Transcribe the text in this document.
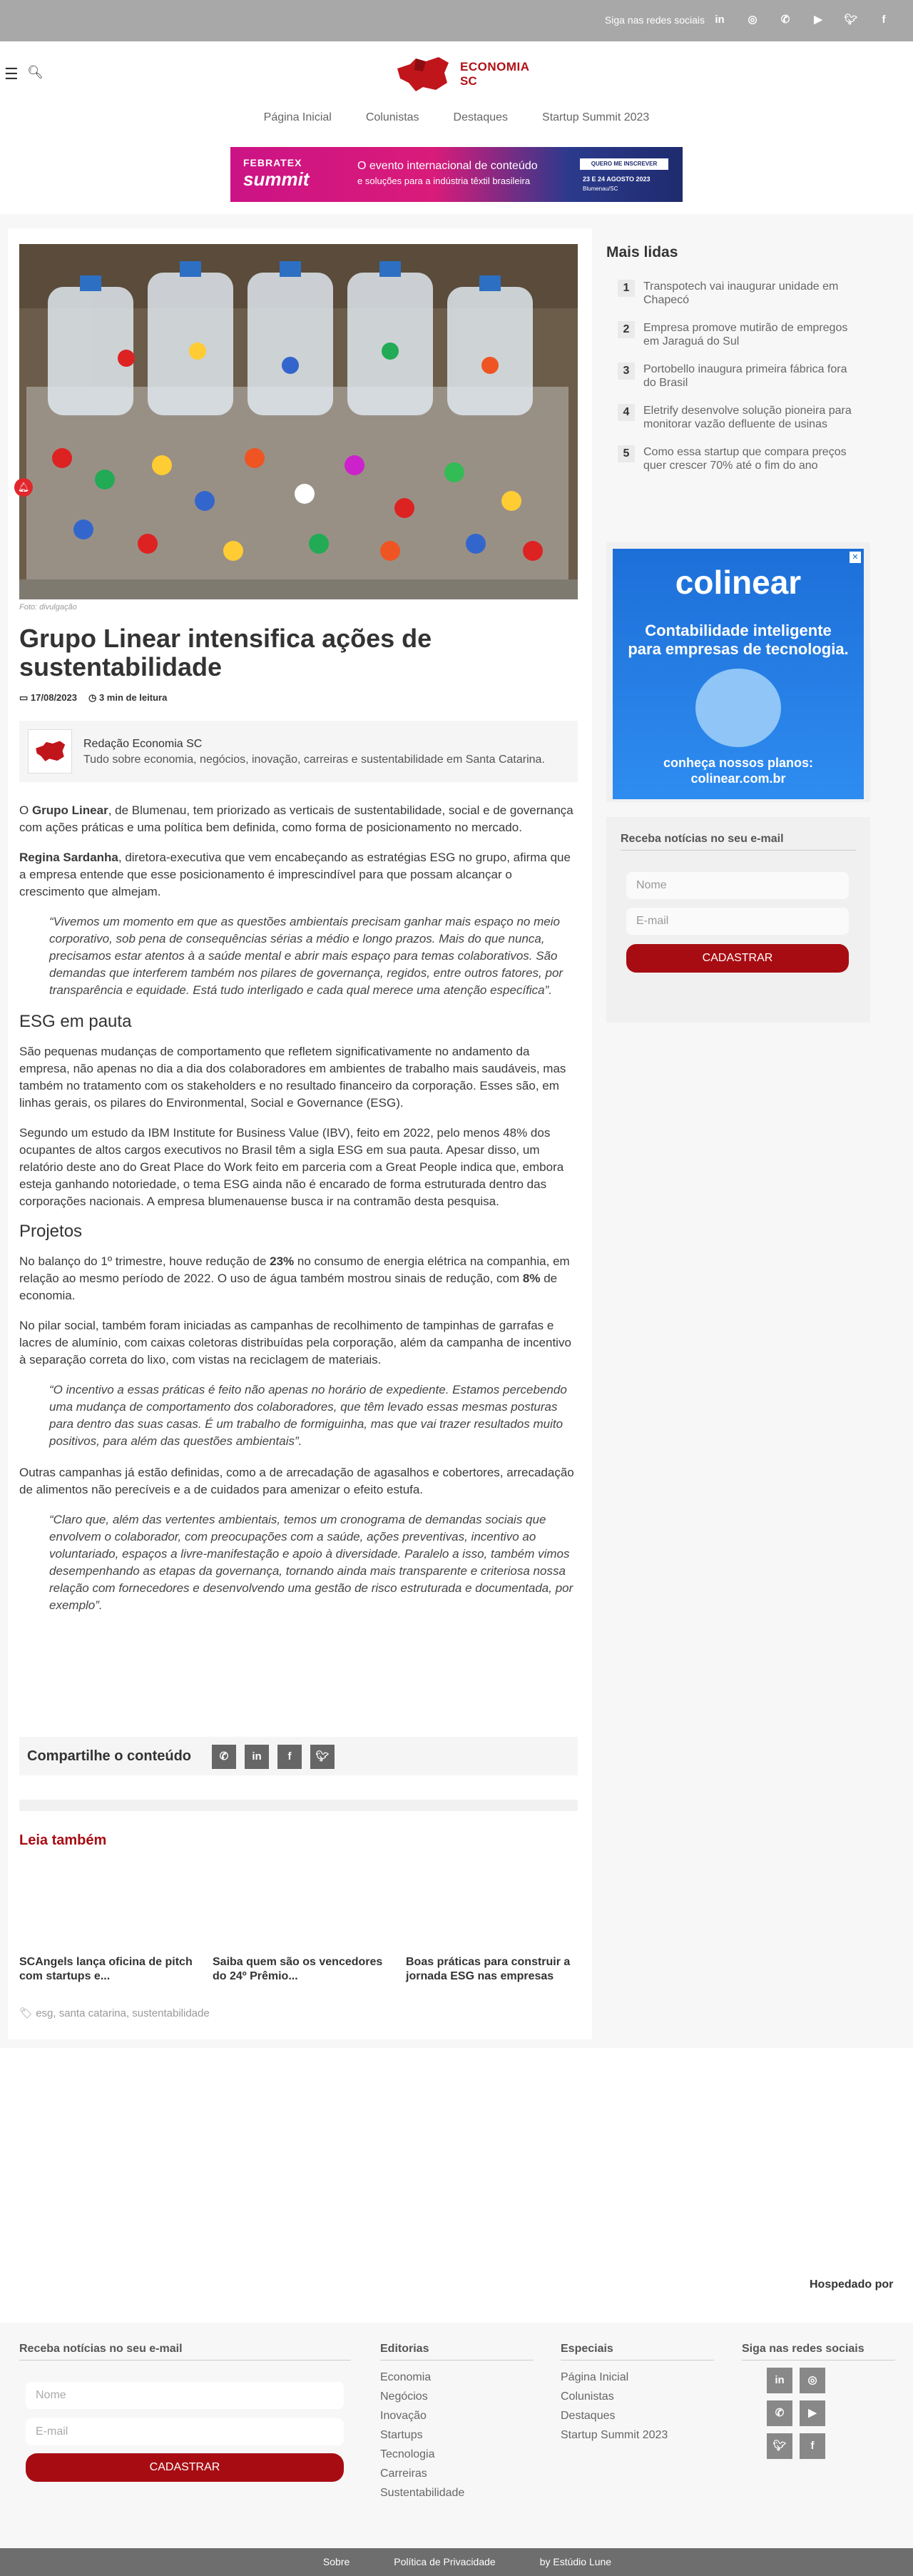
Siga nas redes sociais in ◎	✆	▶	🐦︎	f
☰ 🔍︎	ECONOMIA
SC
Página Inicial	Colunistas	Destaques	Startup Summit 2023
FEBRATEX
summit
O evento internacional de conteúdo
e soluções para a indústria têxtil brasileira
QUERO ME INSCREVER
23 E 24 AGOSTO 2023
Blumenau/SC
Foto: divulgação
🔔︎
Grupo Linear intensifica ações de sustentabilidade
▭ 17/08/2023 ◷ 3 min de leitura
Redação Economia SC
Tudo sobre economia, negócios, inovação, carreiras e sustentabilidade em Santa Catarina.

O Grupo Linear, de Blumenau, tem priorizado as verticais de sustentabilidade, social e de governança com ações práticas e uma política bem definida, como forma de posicionamento no mercado.

Regina Sardanha, diretora-executiva que vem encabeçando as estratégias ESG no grupo, afirma que a empresa entende que esse posicionamento é imprescindível para que possam alcançar o crescimento que almejam.

“Vivemos um momento em que as questões ambientais precisam ganhar mais espaço no meio corporativo, sob pena de consequências sérias a médio e longo prazos. Mais do que nunca, precisamos estar atentos à a saúde mental e abrir mais espaço para temas colaborativos. São demandas que interferem também nos pilares de governança, regidos, entre outros fatores, por transparência e equidade. Está tudo interligado e cada qual merece uma atenção específica”.
ESG em pauta

São pequenas mudanças de comportamento que refletem significativamente no andamento da empresa, não apenas no dia a dia dos colaboradores em ambientes de trabalho mais saudáveis, mas também no tratamento com os stakeholders e no resultado financeiro da corporação. Esses são, em linhas gerais, os pilares do Environmental, Social e Governance (ESG).

Segundo um estudo da IBM Institute for Business Value (IBV), feito em 2022, pelo menos 48% dos ocupantes de altos cargos executivos no Brasil têm a sigla ESG em sua pauta. Apesar disso, um relatório deste ano do Great Place do Work feito em parceria com a Great People indica que, embora esteja ganhando notoriedade, o tema ESG ainda não é encarado de forma estruturada dentro das corporações nacionais. A empresa blumenauense busca ir na contramão desta pesquisa.

Projetos

No balanço do 1º trimestre, houve redução de 23% no consumo de energia elétrica na companhia, em relação ao mesmo período de 2022. O uso de água também mostrou sinais de redução, com 8% de economia.

No pilar social, também foram iniciadas as campanhas de recolhimento de tampinhas de garrafas e lacres de alumínio, com caixas coletoras distribuídas pela corporação, além da campanha de incentivo à separação correta do lixo, com vistas na reciclagem de materiais.

“O incentivo a essas práticas é feito não apenas no horário de expediente. Estamos percebendo uma mudança de comportamento dos colaboradores, que têm levado essas mesmas posturas para dentro das suas casas. É um trabalho de formiguinha, mas que vai trazer resultados muito positivos, para além das questões ambientais”.

Outras campanhas já estão definidas, como a de arrecadação de agasalhos e cobertores, arrecadação de alimentos não perecíveis e a de cuidados para amenizar o efeito estufa.

“Claro que, além das vertentes ambientais, temos um cronograma de demandas sociais que envolvem o colaborador, com preocupações com a saúde, ações preventivas, incentivo ao voluntariado, espaços a livre-manifestação e apoio à diversidade. Paralelo a isso, também vimos desempenhando as etapas da governança, tornando ainda mais transparente e criteriosa nossa relação com fornecedores e desenvolvendo uma gestão de risco estruturada e documentada, por exemplo”.
Compartilhe o conteúdo	✆	in	f	🐦︎
Leia também
SCAngels lança oficina de pitch com startups e...
Saiba quem são os vencedores do 24º Prêmio...
Boas práticas para construir a jornada ESG nas empresas
🏷︎ esg, santa catarina, sustentabilidade
Mais lidas
1	Transpotech vai inaugurar unidade em Chapecó
2	Empresa promove mutirão de empregos em Jaraguá do Sul
3	Portobello inaugura primeira fábrica fora do Brasil
4	Eletrify desenvolve solução pioneira para monitorar vazão defluente de usinas
5	Como essa startup que compara preços quer crescer 70% até o fim do ano
✕
colinear
Contabilidade inteligente
para empresas de tecnologia.
conheça nossos planos:
colinear.com.br
Receba notícias no seu e-mail
Nome
E-mail
CADASTRAR
Hospedado por
Receba notícias no seu e-mail
Nome
E-mail
CADASTRAR
Editorias
Economia
Negócios
Inovação
Startups
Tecnologia
Carreiras
Sustentabilidade
Especiais
Página Inicial
Colunistas
Destaques
Startup Summit 2023
Siga nas redes sociais
in	◎
✆	▶
🐦︎	f
Sobre	Política de Privacidade	by Estúdio Lune
